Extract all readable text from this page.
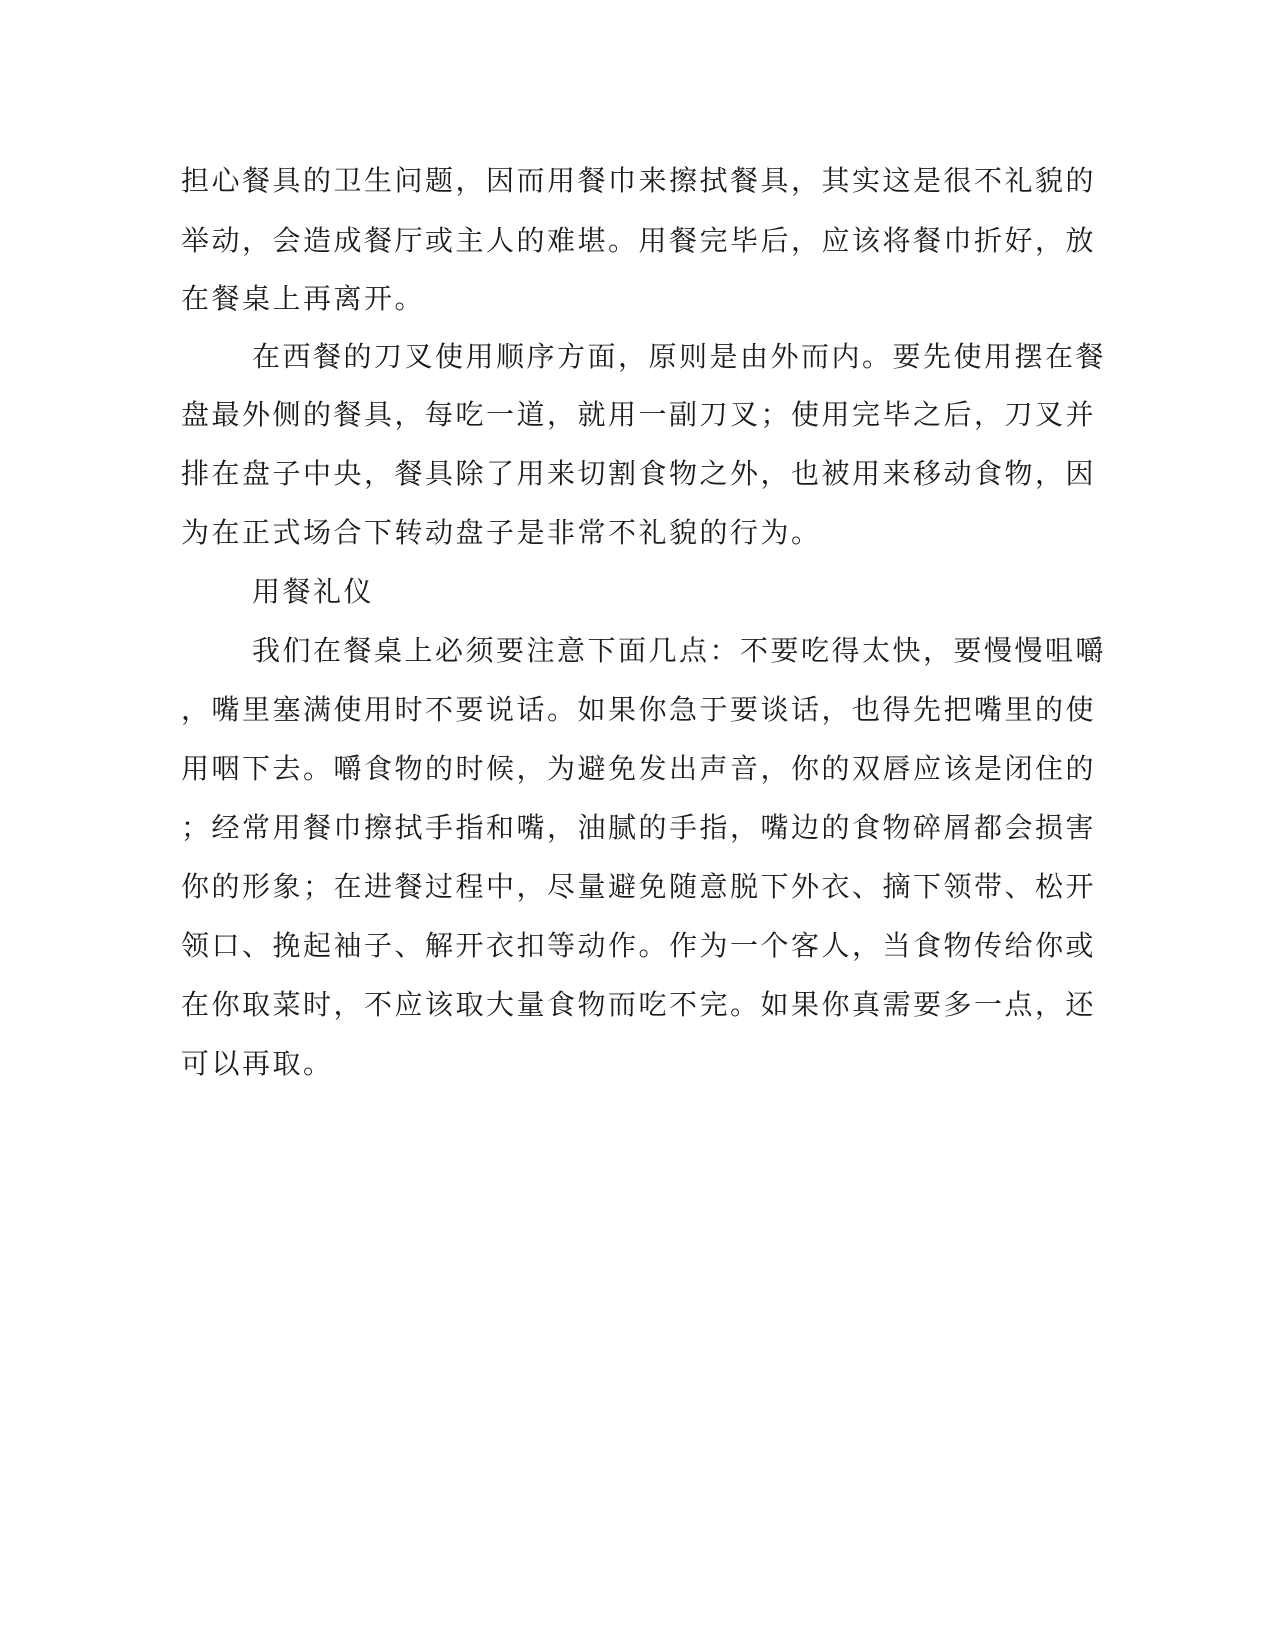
担心餐具的卫生问题，因而用餐巾来擦拭餐具，其实这是很不礼貌的
举动，会造成餐厅或主人的难堪。用餐完毕后，应该将餐巾折好，放
在餐桌上再离开。
在西餐的刀叉使用顺序方面，原则是由外而内。要先使用摆在餐
盘最外侧的餐具，每吃一道，就用一副刀叉；使用完毕之后，刀叉并
排在盘子中央，餐具除了用来切割食物之外，也被用来移动食物，因
为在正式场合下转动盘子是非常不礼貌的行为。
用餐礼仪
我们在餐桌上必须要注意下面几点：不要吃得太快，要慢慢咀嚼
，嘴里塞满使用时不要说话。如果你急于要谈话，也得先把嘴里的使
用咽下去。嚼食物的时候，为避免发出声音，你的双唇应该是闭住的
；经常用餐巾擦拭手指和嘴，油腻的手指，嘴边的食物碎屑都会损害
你的形象；在进餐过程中，尽量避免随意脱下外衣、摘下领带、松开
领口、挽起袖子、解开衣扣等动作。作为一个客人，当食物传给你或
在你取菜时，不应该取大量食物而吃不完。如果你真需要多一点，还
可以再取。
